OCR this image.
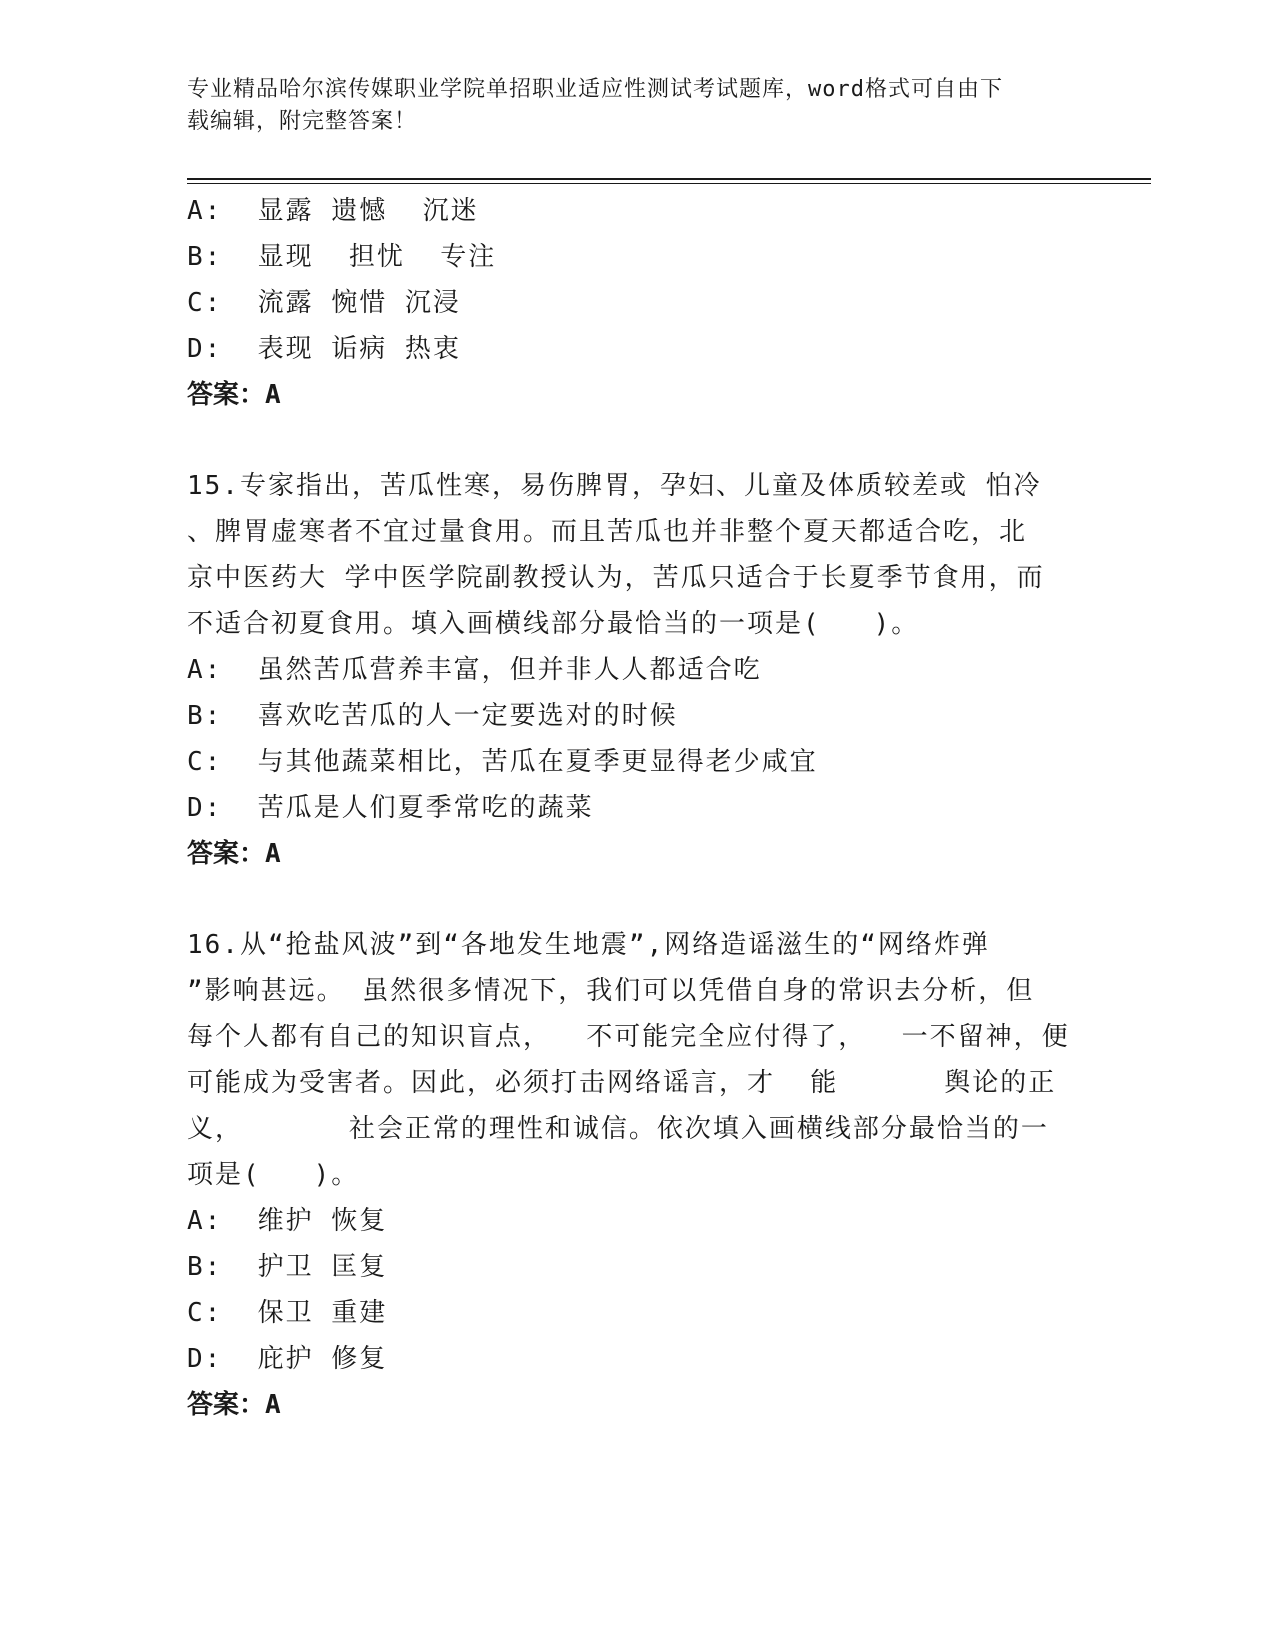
专业精品哈尔滨传媒职业学院单招职业适应性测试考试题库，word格式可自由下
载编辑，附完整答案！
A:  显露 遗憾  沉迷
B:  显现  担忧  专注
C:  流露 惋惜 沉浸
D:  表现 诟病 热衷
答案：A
15.专家指出，苦瓜性寒，易伤脾胃，孕妇、儿童及体质较差或 怕冷
、脾胃虚寒者不宜过量食用。而且苦瓜也并非整个夏天都适合吃，北
京中医药大 学中医学院副教授认为，苦瓜只适合于长夏季节食用，而
不适合初夏食用。填入画横线部分最恰当的一项是(   )。
A:  虽然苦瓜营养丰富，但并非人人都适合吃
B:  喜欢吃苦瓜的人一定要选对的时候
C:  与其他蔬菜相比，苦瓜在夏季更显得老少咸宜
D:  苦瓜是人们夏季常吃的蔬菜
答案：A
16.从“抢盐风波”到“各地发生地震”,网络造谣滋生的“网络炸弹
”影响甚远。 虽然很多情况下，我们可以凭借自身的常识去分析，但
每个人都有自己的知识盲点，  不可能完全应付得了，  一不留神，便
可能成为受害者。因此，必须打击网络谣言，才  能      舆论的正
义，      社会正常的理性和诚信。依次填入画横线部分最恰当的一
项是(   )。
A:  维护 恢复
B:  护卫 匡复
C:  保卫 重建
D:  庇护 修复
答案：A
